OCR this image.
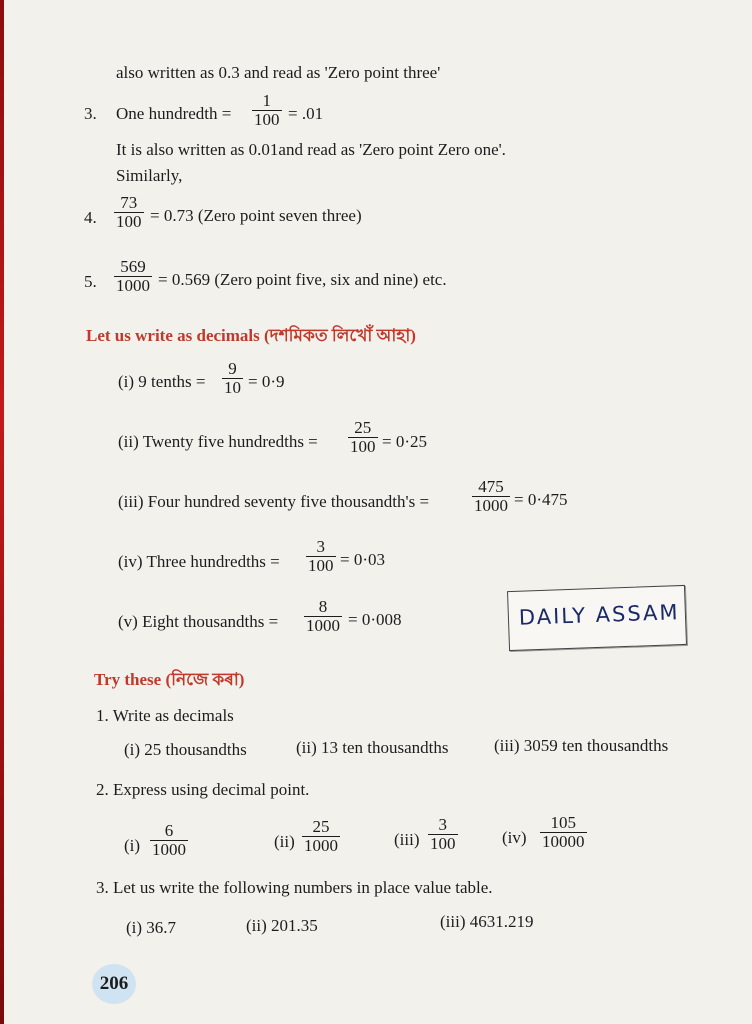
also written as 0.3 and read as 'Zero point three'
3. One hundredth = $\frac{1}{100} = .01$
It is also written as 0.01and read as 'Zero point Zero one'.
Similarly,
4. $\frac{73}{100} = 0.73$ (Zero point seven three)
5. $\frac{569}{1000} = 0.569$ (Zero point five, six and nine) etc.
Let us write as decimals (দশমিকত লিখোঁ আহা)
(i) 9 tenths = $\frac{9}{10} = 0\cdot 9$
(ii) Twenty five hundredths = $\frac{25}{100} = 0\cdot 25$
(iii) Four hundred seventy five thousandth's =	$\frac{475}{1000} = 0\cdot 475$
(iv) Three hundredths = $\frac{3}{100} = 0\cdot 03$
(v) Eight thousandths = $\frac{8}{1000} = 0\cdot 008$	DAILY ASSAM
Try these (নিজে কৰা)
1. Write as decimals
(i) 25 thousandths	(ii) 13 ten thousandths	(iii) 3059 ten thousandths
2. Express using decimal point.
$(i) \frac{6}{1000}$	$(ii) \frac{25}{1000}$	$(iii) \frac{3}{100}$	$(iv) \frac{105}{10000}$
3. Let us write the following numbers in place value table.
(i) 36.7	(ii) 201.35	(iii) 4631.219
206
